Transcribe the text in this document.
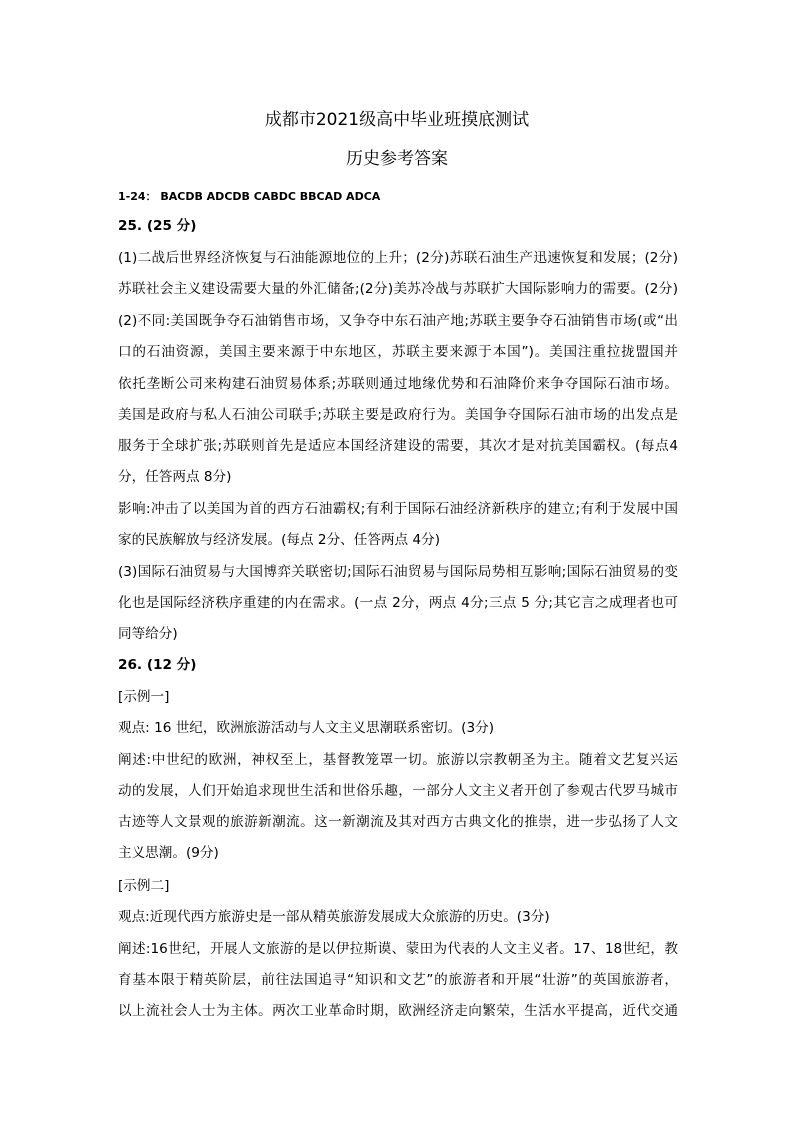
成都市2021级高中毕业班摸底测试
历史参考答案
1-24： BACDB ADCDB CABDC BBCAD ADCA
25. (25 分)
(1)二战后世界经济恢复与石油能源地位的上升；(2分)苏联石油生产迅速恢复和发展；(2分)
苏联社会主义建设需要大量的外汇储备;(2分)美苏冷战与苏联扩大国际影响力的需要。(2分)
(2)不同:美国既争夺石油销售市场，又争夺中东石油产地;苏联主要争夺石油销售市场(或“出
口的石油资源，美国主要来源于中东地区，苏联主要来源于本国”)。美国注重拉拢盟国并
依托垄断公司来构建石油贸易体系;苏联则通过地缘优势和石油降价来争夺国际石油市场。
美国是政府与私人石油公司联手;苏联主要是政府行为。美国争夺国际石油市场的出发点是
服务于全球扩张;苏联则首先是适应本国经济建设的需要，其次才是对抗美国霸权。(每点4
分，任答两点 8分)
影响:冲击了以美国为首的西方石油霸权;有利于国际石油经济新秩序的建立;有利于发展中国
家的民族解放与经济发展。(每点 2分、任答两点 4分)
(3)国际石油贸易与大国博弈关联密切;国际石油贸易与国际局势相互影响;国际石油贸易的变
化也是国际经济秩序重建的内在需求。(一点 2分，两点 4分;三点 5 分;其它言之成理者也可
同等给分)
26. (12 分)
[示例一]
观点: 16 世纪，欧洲旅游活动与人文主义思潮联系密切。(3分)
阐述:中世纪的欧洲，神权至上，基督教笼罩一切。旅游以宗教朝圣为主。随着文艺复兴运
动的发展，人们开始追求现世生活和世俗乐趣，一部分人文主义者开创了参观古代罗马城市
古迹等人文景观的旅游新潮流。这一新潮流及其对西方古典文化的推崇，进一步弘扬了人文
主义思潮。(9分)
[示例二]
观点:近现代西方旅游史是一部从精英旅游发展成大众旅游的历史。(3分)
阐述:16世纪，开展人文旅游的是以伊拉斯谟、蒙田为代表的人文主义者。17、18世纪，教
育基本限于精英阶层，前往法国追寻“知识和文艺”的旅游者和开展“壮游”的英国旅游者，
以上流社会人士为主体。两次工业革命时期，欧洲经济走向繁荣，生活水平提高，近代交通
